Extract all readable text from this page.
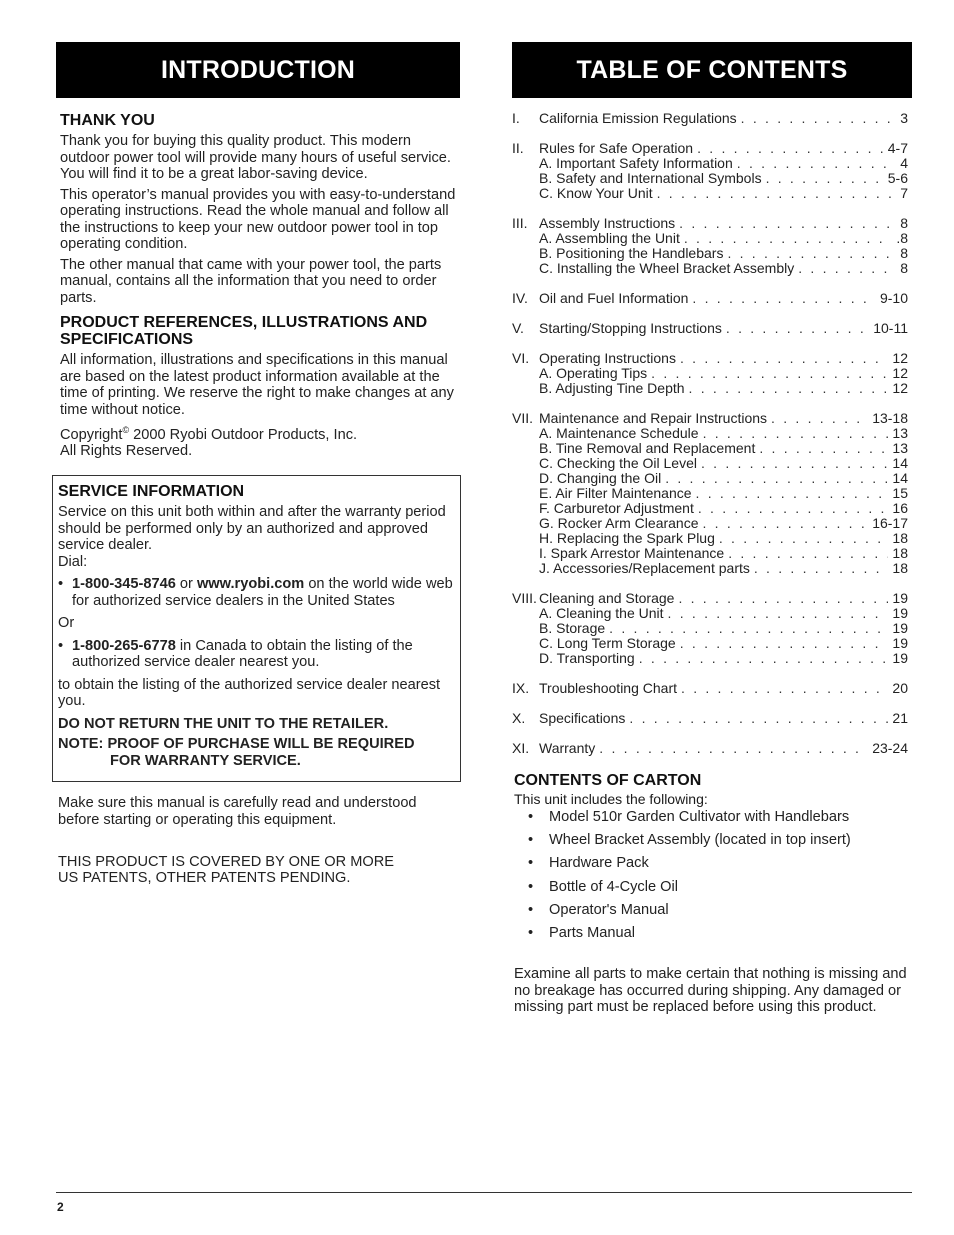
INTRODUCTION
THANK YOU

Thank you for buying this quality product. This modern outdoor power tool will provide many hours of useful service. You will find it to be a great labor-saving device.

This operator’s manual provides you with easy-to-understand operating instructions. Read the whole manual and follow all the instructions to keep your new outdoor power tool in top operating condition.

The other manual that came with your power tool, the parts manual, contains all the information that you need to order parts.

PRODUCT REFERENCES, ILLUSTRATIONS AND SPECIFICATIONS

All information, illustrations and specifications in this manual are based on the latest product information available at the time of printing. We reserve the right to make changes at any time without notice.

Copyright© 2000 Ryobi Outdoor Products, Inc.

All Rights Reserved.

SERVICE INFORMATION

Service on this unit both within and after the warranty period should be performed only by an authorized and approved service dealer.

Dial:

• 1-800-345-8746 or www.ryobi.com on the world wide web for authorized service dealers in the United States

Or

• 1-800-265-6778 in Canada to obtain the listing of the authorized service dealer nearest you.

to obtain the listing of the authorized service dealer nearest you.

DO NOT RETURN THE UNIT TO THE RETAILER.

NOTE: PROOF OF PURCHASE WILL BE REQUIRED

FOR WARRANTY SERVICE.

Make sure this manual is carefully read and understood before starting or operating this equipment.

THIS PRODUCT IS COVERED BY ONE OR MORE

US PATENTS, OTHER PATENTS PENDING.

TABLE OF CONTENTS
I.	California Emission Regulations . . .	3
II.	Rules for Safe Operation . . .	4-7
A. Important Safety Information . . .	4
B. Safety and International Symbols . . .	5-6
C. Know Your Unit . . .	7
III. Assembly Instructions . . .	8
A. Assembling the Unit . . .	.8
B. Positioning the Handlebars . . .	8
C. Installing the Wheel Bracket Assembly . . .	8
IV. Oil and Fuel Information . . .	9-10
V.	Starting/Stopping Instructions . . .	10-11
VI. Operating Instructions . . .	12
A. Operating Tips . . .	12
B. Adjusting Tine Depth . . .	12
VII. Maintenance and Repair Instructions . . .	13-18
A. Maintenance Schedule . . .	13
B. Tine Removal and Replacement . . .	13
C. Checking the Oil Level . . .	14
D. Changing the Oil . . .	14
E. Air Filter Maintenance . . .	15
F. Carburetor Adjustment . . .	16
G. Rocker Arm Clearance . . .	16-17
H. Replacing the Spark Plug . . .	18
I. Spark Arrestor Maintenance . . .	18
J. Accessories/Replacement parts . . .	18
VIII. Cleaning and Storage . . .	19
A. Cleaning the Unit . . .	19
B. Storage . . .	19
C. Long Term Storage . . .	19
D. Transporting . . .	19
IX. Troubleshooting Chart . . .	20
X. Specifications . . .	21
XI. Warranty . . .	23-24
CONTENTS OF CARTON

This unit includes the following:

•	Model 510r Garden Cultivator with Handlebars
•	Wheel Bracket Assembly (located in top insert)
•	Hardware Pack
•	Bottle of 4-Cycle Oil
•	Operator's Manual
•	Parts Manual

Examine all parts to make certain that nothing is missing and no breakage has occurred during shipping. Any damaged or missing part must be replaced before using this product.

2
